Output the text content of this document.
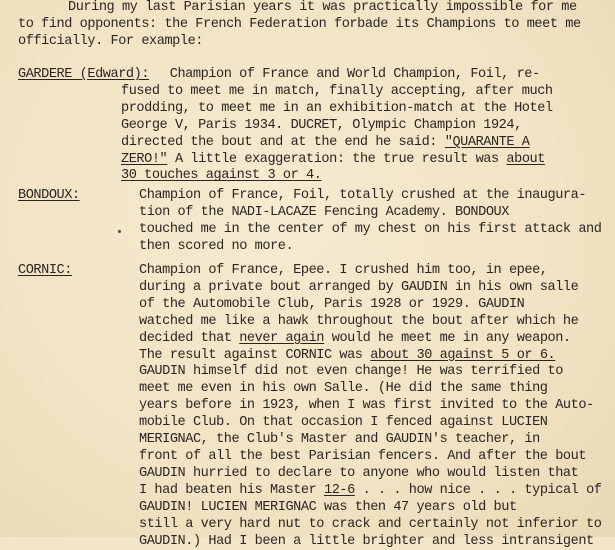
During my last Parisian years it was practically impossible for me
to find opponents: the French Federation forbade its Champions to meet me
officially. For example:
GARDERE (Edward): Champion of France and World Champion, Foil, re-
fused to meet me in match, finally accepting, after much
prodding, to meet me in an exhibition-match at the Hotel
George V, Paris 1934. DUCRET, Olympic Champion 1924,
directed the bout and at the end he said: "QUARANTE A
ZERO!" A little exaggeration: the true result was about
30 touches against 3 or 4.
BONDOUX:	Champion of France, Foil, totally crushed at the inaugura-
tion of the NADI-LACAZE Fencing Academy. BONDOUX
touched me in the center of my chest on his first attack and
then scored no more.
CORNIC:	Champion of France, Epee. I crushed him too, in epee,
during a private bout arranged by GAUDIN in his own salle
of the Automobile Club, Paris 1928 or 1929. GAUDIN
watched me like a hawk throughout the bout after which he
decided that never again would he meet me in any weapon.
The result against CORNIC was about 30 against 5 or 6.
GAUDIN himself did not even change! He was terrified to
meet me even in his own Salle. (He did the same thing
years before in 1923, when I was first invited to the Auto-
mobile Club. On that occasion I fenced against LUCIEN
MERIGNAC, the Club's Master and GAUDIN's teacher, in
front of all the best Parisian fencers. And after the bout
GAUDIN hurried to declare to anyone who would listen that
I had beaten his Master 12-6 . . . how nice . . . typical of
GAUDIN! LUCIEN MERIGNAC was then 47 years old but
still a very hard nut to crack and certainly not inferior to
GAUDIN.) Had I been a little brighter and less intransigent
